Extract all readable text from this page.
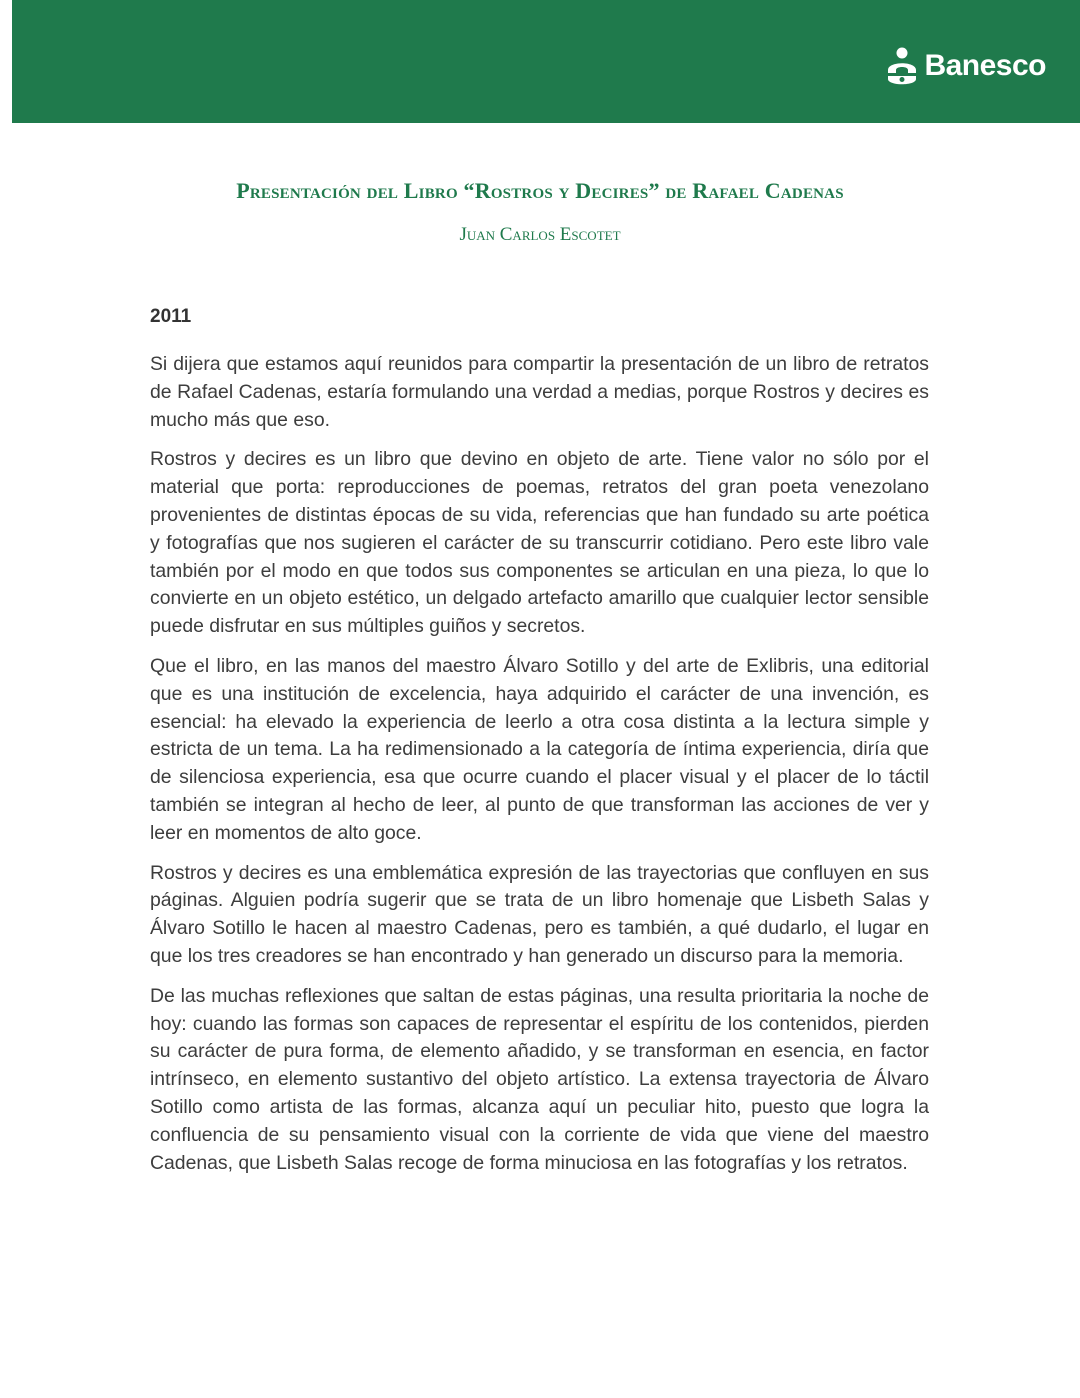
Banesco
Presentación del Libro “Rostros y Decires” de Rafael Cadenas
Juan Carlos Escotet
2011

Si dijera que estamos aquí reunidos para compartir la presentación de un libro de retratos de Rafael Cadenas, estaría formulando una verdad a medias, porque Rostros y decires es mucho más que eso.

Rostros y decires es un libro que devino en objeto de arte. Tiene valor no sólo por el material que porta: reproducciones de poemas, retratos del gran poeta venezolano provenientes de distintas épocas de su vida, referencias que han fundado su arte poética y fotografías que nos sugieren el carácter de su transcurrir cotidiano. Pero este libro vale también por el modo en que todos sus componentes se articulan en una pieza, lo que lo convierte en un objeto estético, un delgado artefacto amarillo que cualquier lector sensible puede disfrutar en sus múltiples guiños y secretos.

Que el libro, en las manos del maestro Álvaro Sotillo y del arte de Exlibris, una editorial que es una institución de excelencia, haya adquirido el carácter de una invención, es esencial: ha elevado la experiencia de leerlo a otra cosa distinta a la lectura simple y estricta de un tema. La ha redimensionado a la categoría de íntima experiencia, diría que de silenciosa experiencia, esa que ocurre cuando el placer visual y el placer de lo táctil también se integran al hecho de leer, al punto de que transforman las acciones de ver y leer en momentos de alto goce.

Rostros y decires es una emblemática expresión de las trayectorias que confluyen en sus páginas. Alguien podría sugerir que se trata de un libro homenaje que Lisbeth Salas y Álvaro Sotillo le hacen al maestro Cadenas, pero es también, a qué dudarlo, el lugar en que los tres creadores se han encontrado y han generado un discurso para la memoria.

De las muchas reflexiones que saltan de estas páginas, una resulta prioritaria la noche de hoy: cuando las formas son capaces de representar el espíritu de los contenidos, pierden su carácter de pura forma, de elemento añadido, y se transforman en esencia, en factor intrínseco, en elemento sustantivo del objeto artístico. La extensa trayectoria de Álvaro Sotillo como artista de las formas, alcanza aquí un peculiar hito, puesto que logra la confluencia de su pensamiento visual con la corriente de vida que viene del maestro Cadenas, que Lisbeth Salas recoge de forma minuciosa en las fotografías y los retratos.
